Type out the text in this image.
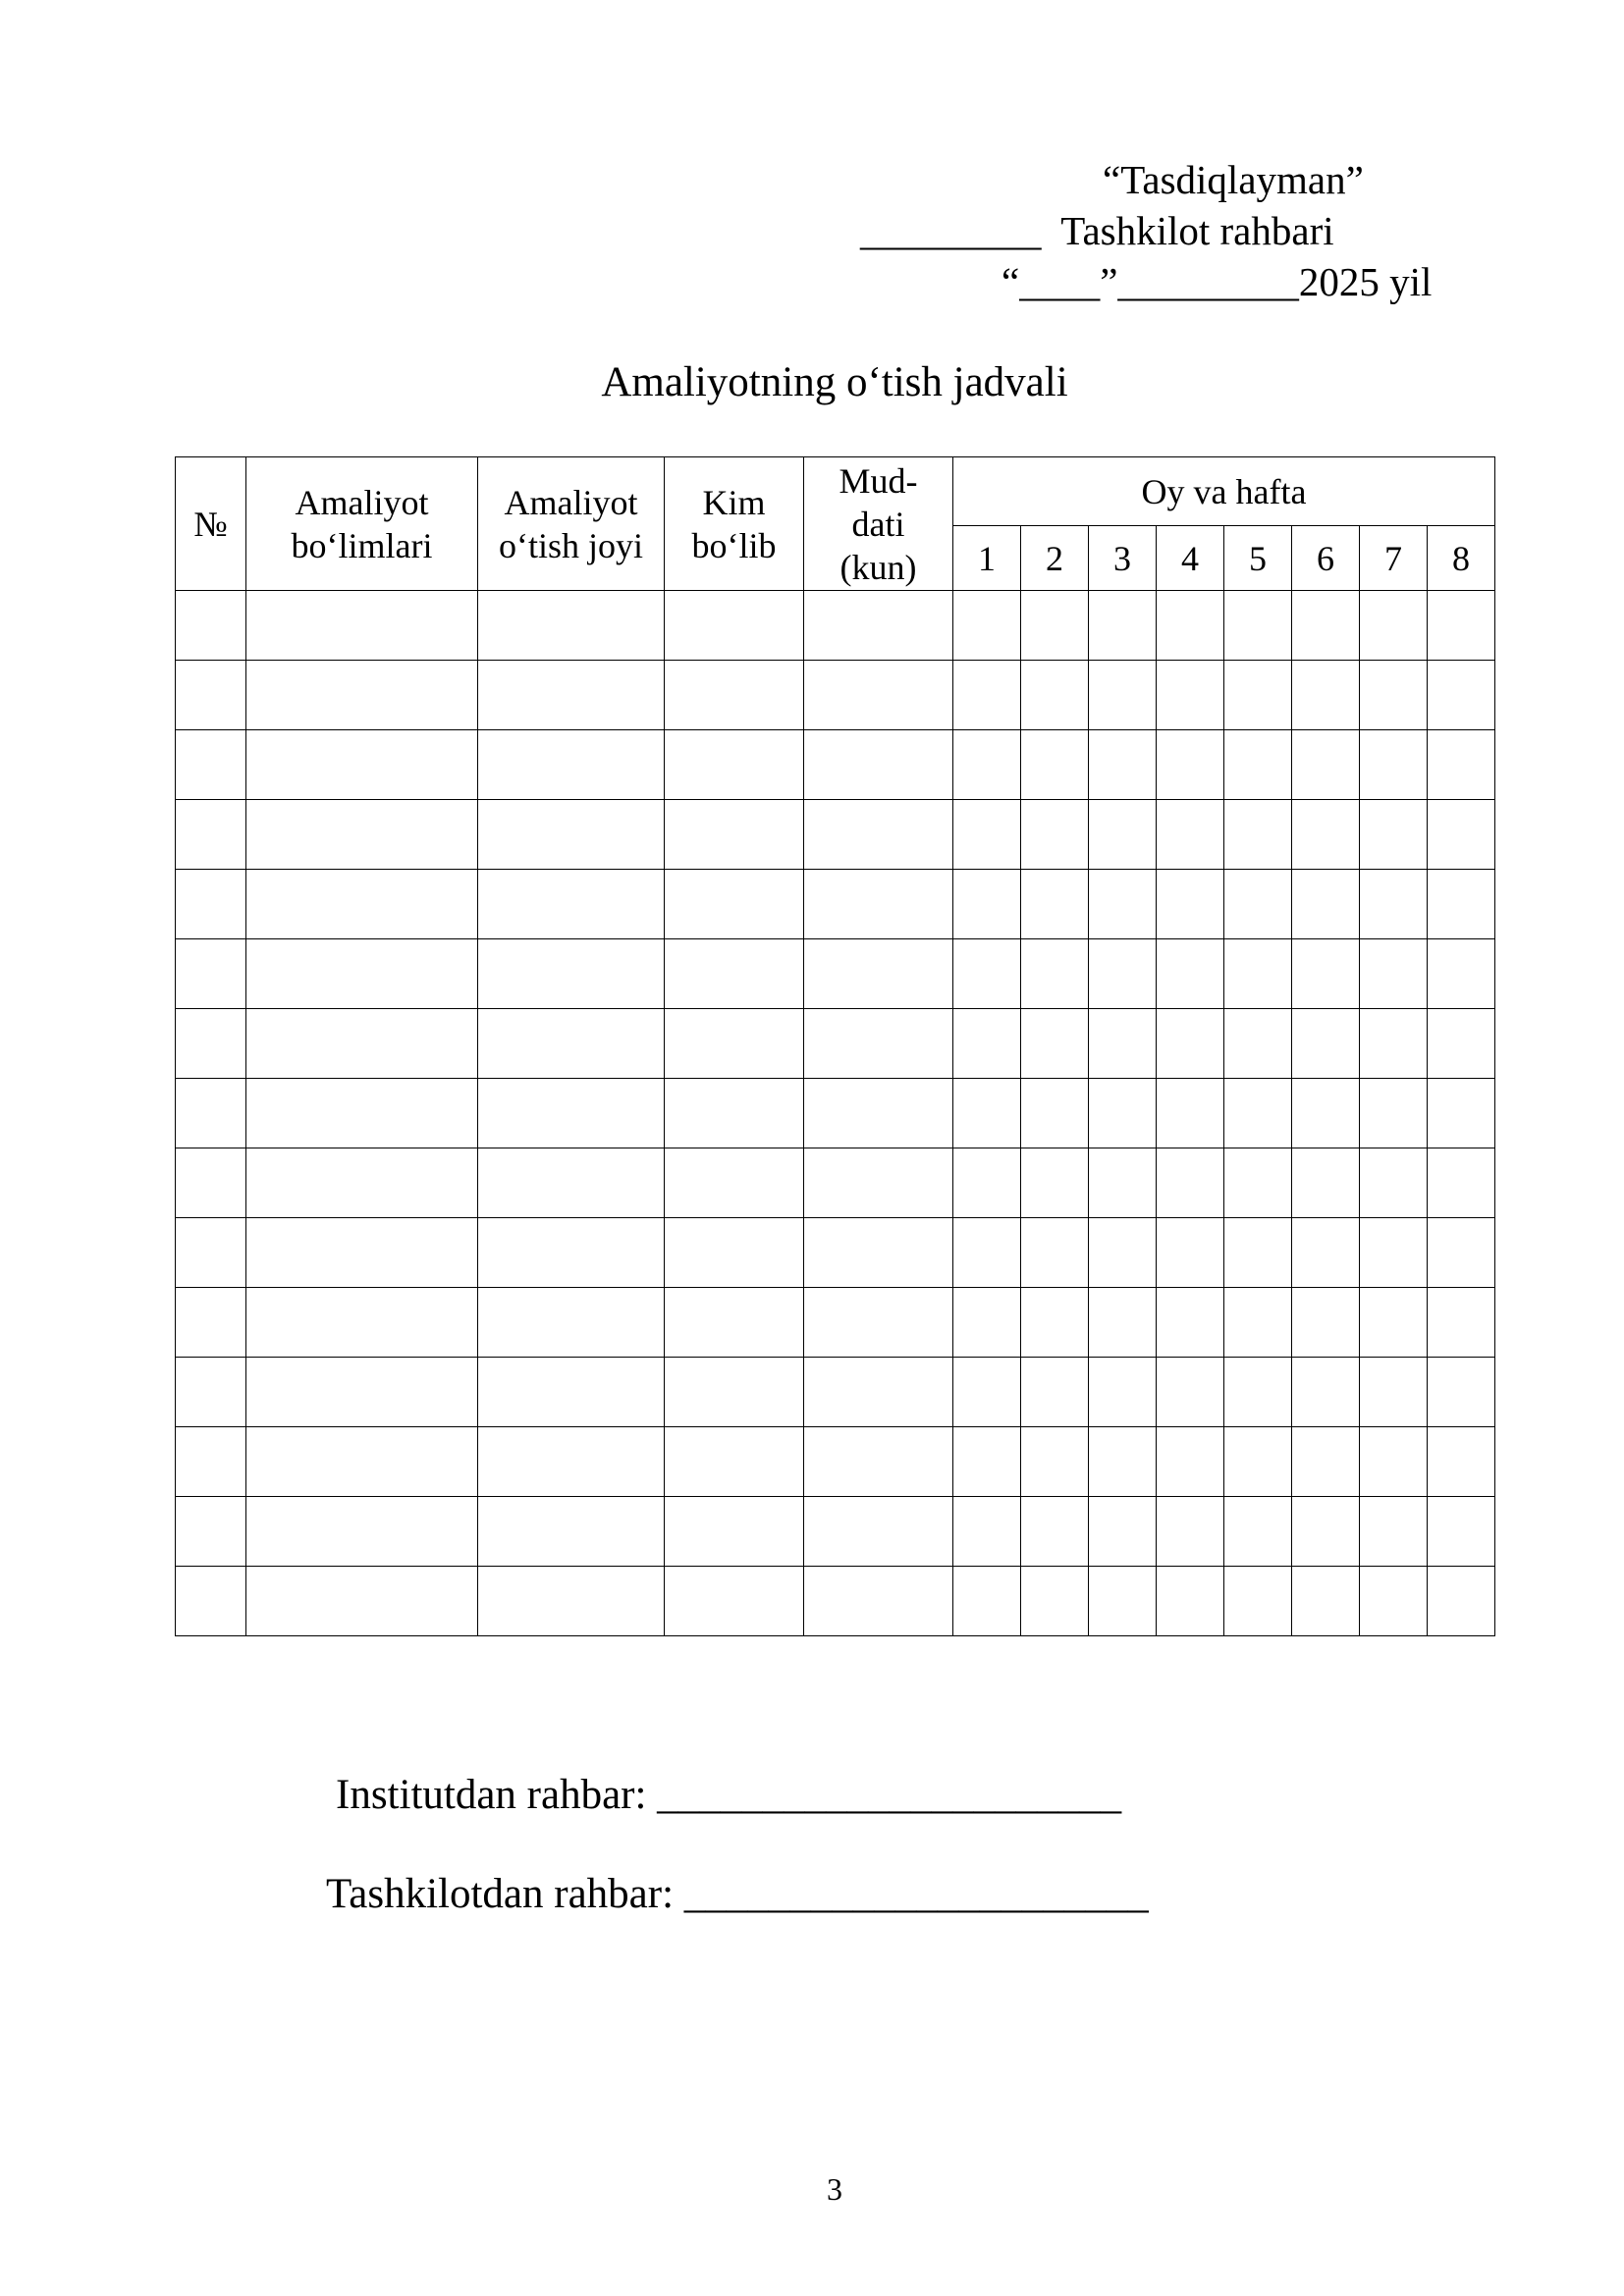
“Tasdiqlayman”
_________  Tashkilot rahbari
“____”_________2025 yil
Amaliyotning o‘tish jadvali
№	Amaliyot bo‘limlari	Amaliyot o‘tish joyi	Kim bo‘lib	Mud- dati (kun)	Oy va hafta							
					1	2	3	4	5	6	7	8

Institutdan rahbar: ______________________
Tashkilotdan rahbar: ______________________
3
